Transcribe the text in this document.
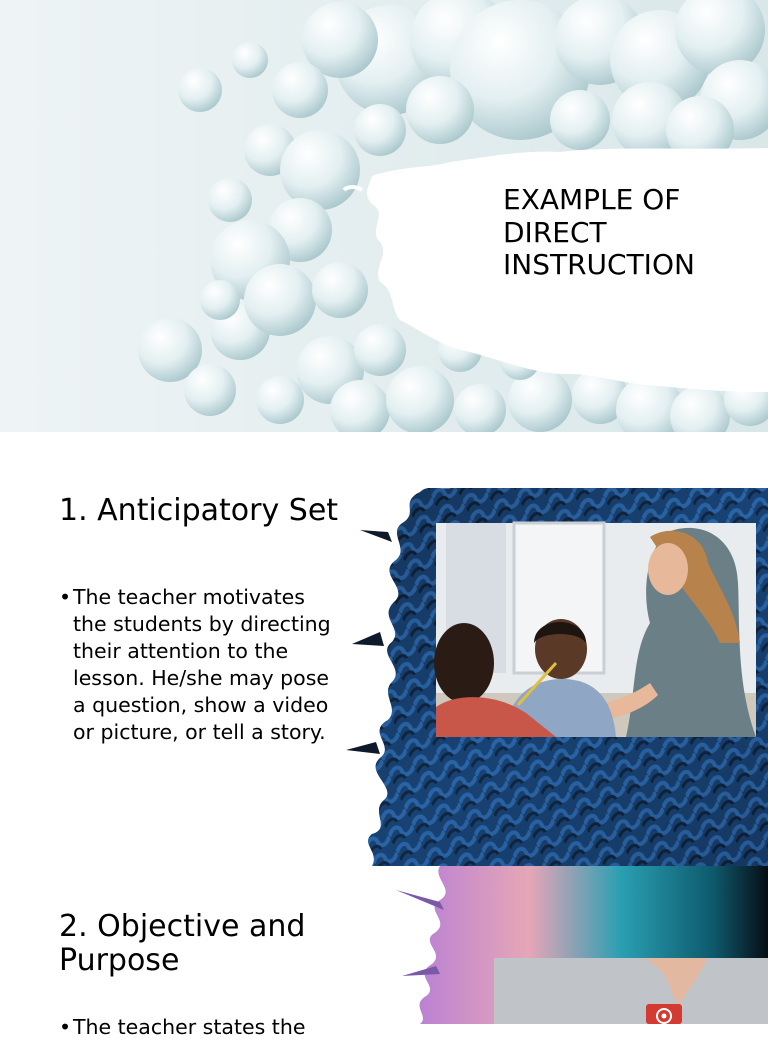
EXAMPLE OF
DIRECT
INSTRUCTION
1. Anticipatory Set
• The teacher motivates the students by directing their attention to the lesson. He/she may pose a question, show a video or picture, or tell a story.
2. Objective and Purpose
• The teacher states the
